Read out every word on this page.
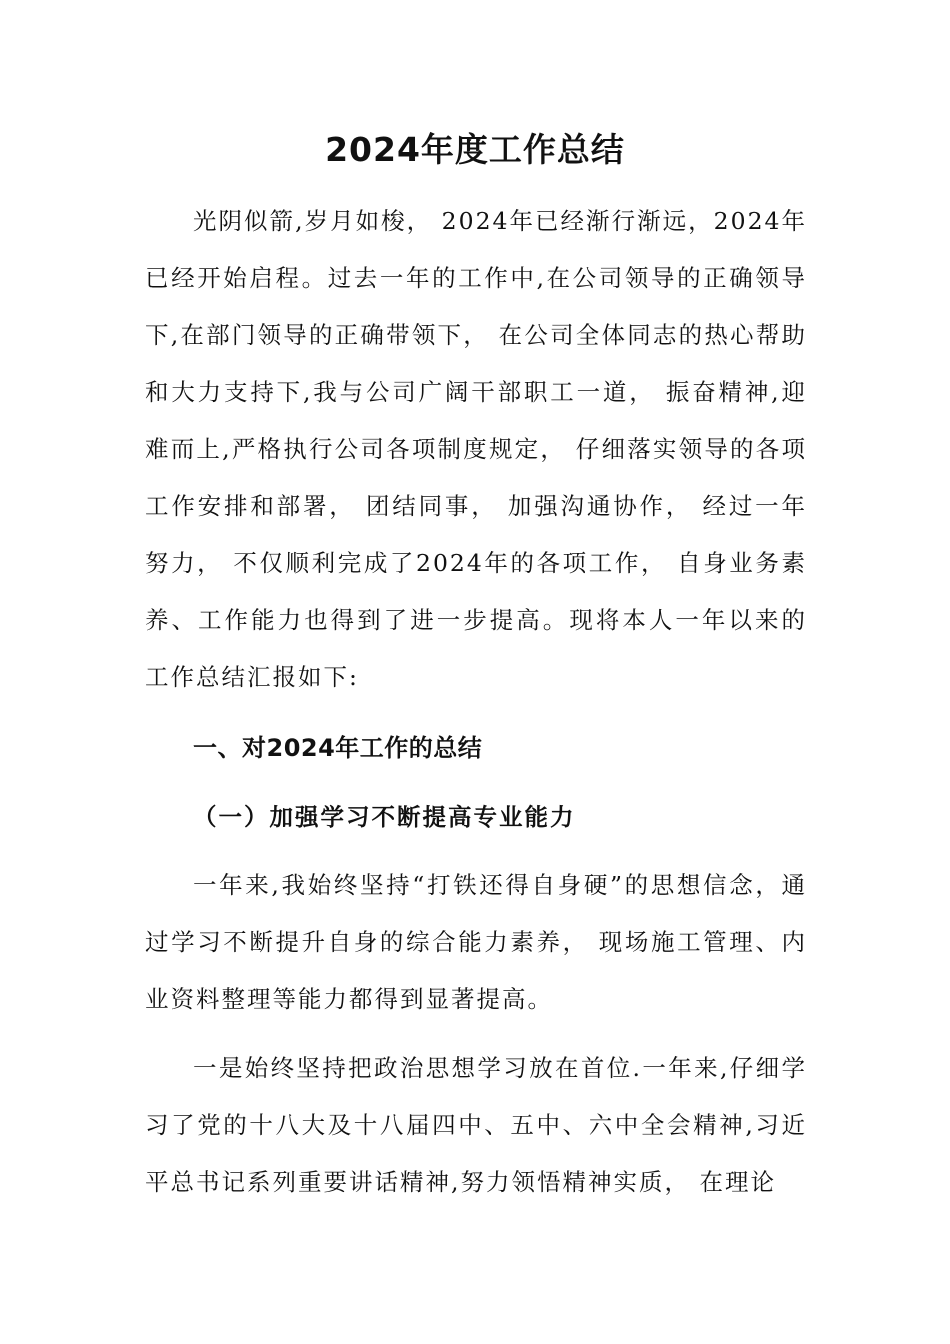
2024年度工作总结

光阴似箭,岁月如梭， 2024年已经渐行渐远，2024年已经开始启程。过去一年的工作中,在公司领导的正确领导下,在部门领导的正确带领下， 在公司全体同志的热心帮助和大力支持下,我与公司广阔干部职工一道， 振奋精神,迎难而上,严格执行公司各项制度规定， 仔细落实领导的各项工作安排和部署， 团结同事， 加强沟通协作， 经过一年努力， 不仅顺利完成了2024年的各项工作， 自身业务素养、工作能力也得到了进一步提高。现将本人一年以来的工作总结汇报如下:

一、对2024年工作的总结
（一）加强学习不断提高专业能力

一年来,我始终坚持“打铁还得自身硬”的思想信念，通过学习不断提升自身的综合能力素养， 现场施工管理、内业资料整理等能力都得到显著提高。

一是始终坚持把政治思想学习放在首位.一年来,仔细学习了党的十八大及十八届四中、五中、六中全会精神,习近平总书记系列重要讲话精神,努力领悟精神实质， 在理论
